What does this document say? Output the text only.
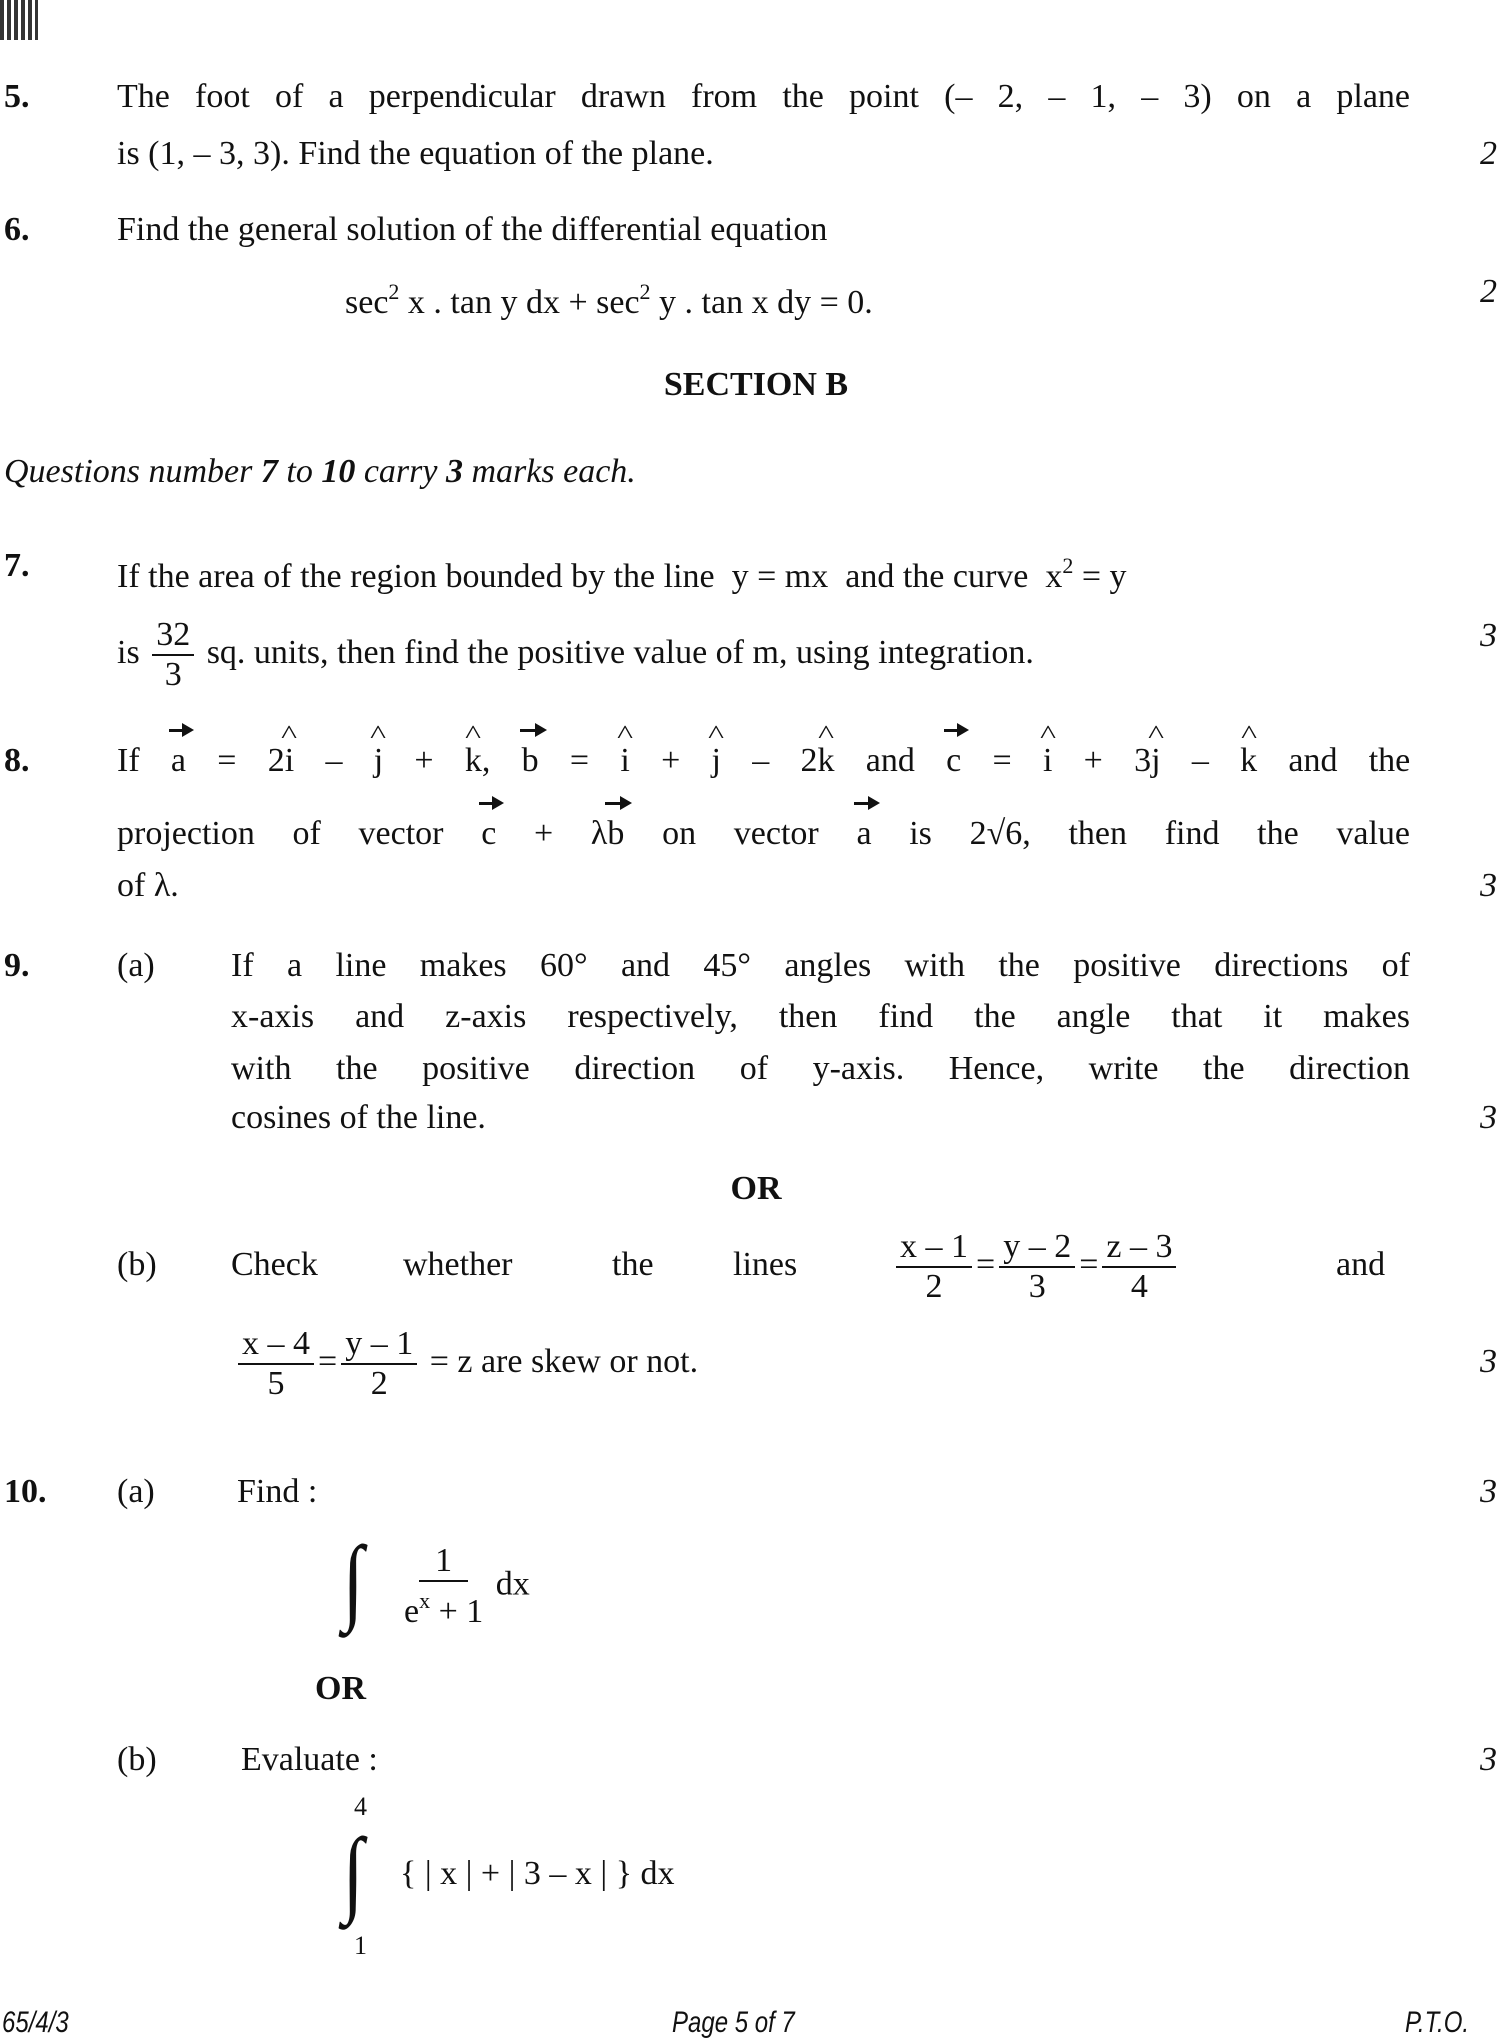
5.	The foot of a perpendicular drawn from the point (– 2, – 1, – 3) on a plane
is (1, – 3, 3). Find the equation of the plane.	2
6.	Find the general solution of the differential equation
$\sec^2 x$ . tan y dx + $\sec^2 y$ . tan x dy = 0.	2
SECTION B
Questions number 7 to 10 carry 3 marks each.
7.	If the area of the region bounded by the line  y = mx  and the curve  $x^2 = y$
is $\frac{32}{3}$ sq. units, then find the positive value of m, using integration.	3
8.	If a = 2^ i – ^ j + ^ k, b = ^ i + ^ j – 2^ k and c = ^ i + 3^ j – ^ k and the
projection of vector c + λb on vector a is 2√6, then find the value
of λ.	3
9.	(a) If a line makes 60° and 45° angles with the positive directions of
x-axis and z-axis respectively, then find the angle that it makes
with the positive direction of y-axis. Hence, write the direction
cosines of the line.	3
OR
(b) Check	whether	the lines	$\frac{x - 1}{2} = \frac{y - 2}{3} = \frac{z - 3}{4}$	and
$\frac{x - 4}{5} = \frac{y - 1}{2} = z$ are skew or not.	3
10. (a) Find :	3
∫ $\frac{1}{e^x + 1}$ dx
OR
(b) Evaluate :	3
4
∫ { | x | + | 3 – x | } dx
1
65/4/3	Page 5 of 7	P.T.O.
